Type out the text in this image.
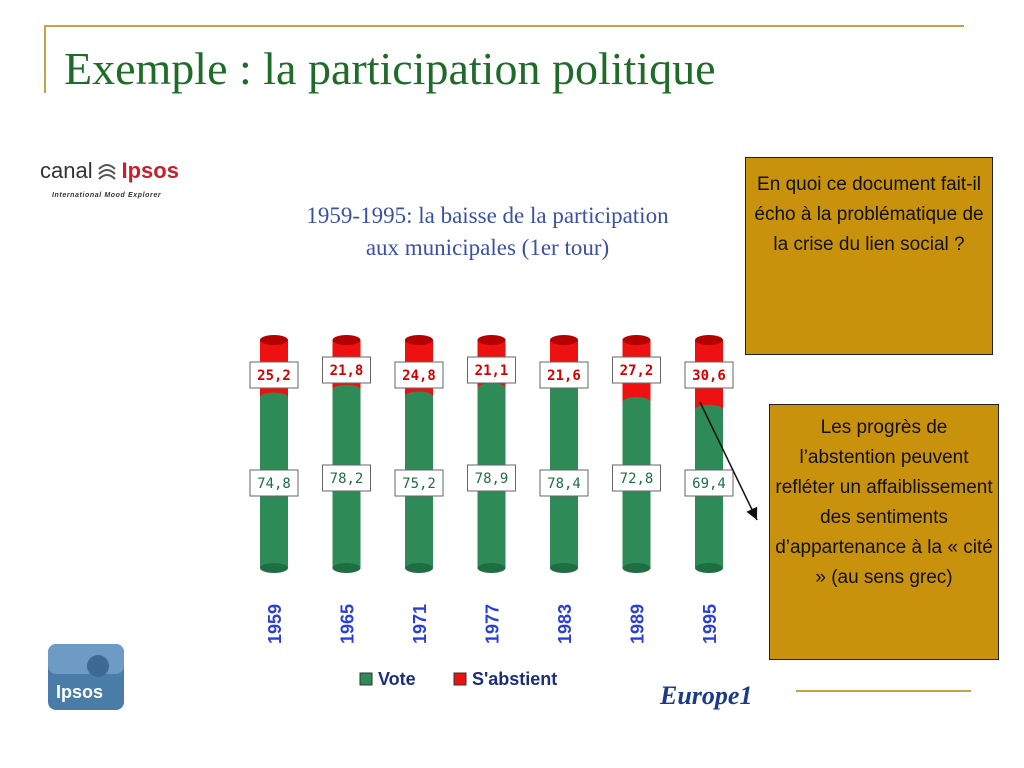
Exemple : la participation politique
canal Ipsos
International Mood Explorer
1959-1995: la baisse de la participation aux municipales (1er tour)
25,2
74,8
21,8
78,2
24,8
75,2
21,1
78,9
21,6
78,4
27,2
72,8
30,6
69,4
1959	1965	1971	1977	1983	1989	1995
Vote	S'abstient
En quoi ce document fait-il écho à la problématique de la crise du lien social ?
Les progrès de l’abstention peuvent refléter un affaiblissement des sentiments d’appartenance à la « cité » (au sens grec)
Ipsos	Europe1
